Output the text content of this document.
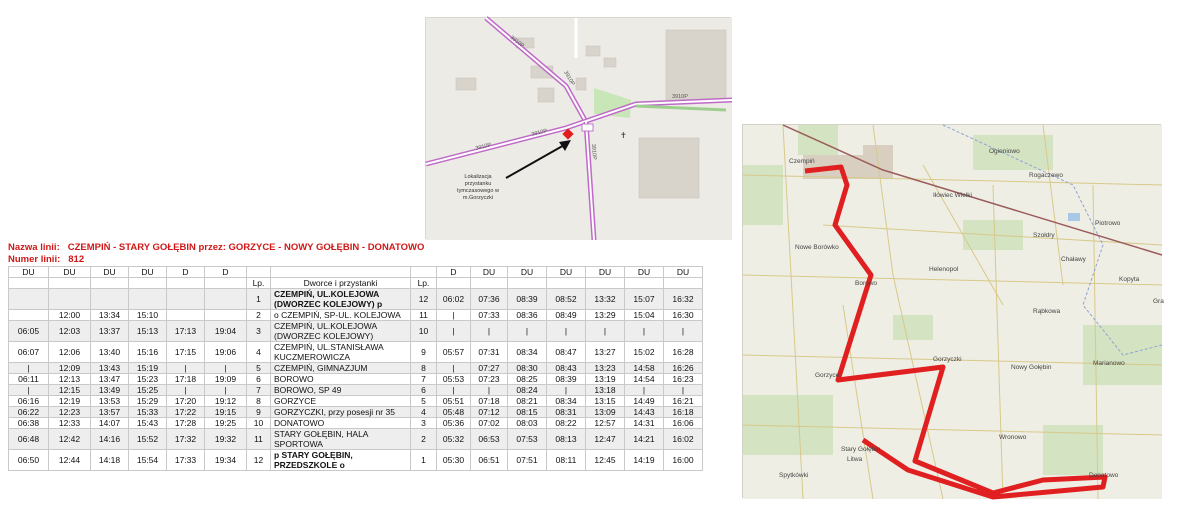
3910P
3910P
3910P
3910P
3910P
3910P
✝
Lokalizacja
przystanku
tymczasowego w
m.Gorzyczki
Czempiń
Ogieniowo
Iłówiec Wielki
Rogaczewo
Nowe Borówko
Szołdry
Piotrowo
Helenopol
Chaławy
Kopyta
Borowo
Rąbkowa
Gorzyczki
Nowy Gołębin
Marianowo
Gorzyce
Wronowo
Stary Gołębin
Spytkówki	Donatowo
Litwa
Gra
Nazwa linii: CZEMPIŃ - STARY GOŁĘBIN przez: GORZYCE - NOWY GOŁĘBIN - DONATOWO
Numer linii: 812
DU	DU	DU	DU	D	D				D	DU	DU	DU	DU	DU	DU
						Lp.	Dworce i przystanki	Lp.							
						1	CZEMPIŃ, UL.KOLEJOWA (DWORZEC KOLEJOWY) p	12	06:02	07:36	08:39	08:52	13:32	15:07	16:32
	12:00	13:34	15:10			2	o CZEMPIŃ, SP-UL. KOLEJOWA	11	|	07:33	08:36	08:49	13:29	15:04	16:30
06:05	12:03	13:37	15:13	17:13	19:04	3	CZEMPIŃ, UL.KOLEJOWA (DWORZEC KOLEJOWY)	10	|	|	|	|	|	|	|
06:07	12:06	13:40	15:16	17:15	19:06	4	CZEMPIŃ, UL.STANISŁAWA KUCZMEROWICZA	9	05:57	07:31	08:34	08:47	13:27	15:02	16:28
|	12:09	13:43	15:19	|	|	5	CZEMPIŃ, GIMNAZJUM	8	|	07:27	08:30	08:43	13:23	14:58	16:26
06:11	12:13	13:47	15:23	17:18	19:09	6	BOROWO	7	05:53	07:23	08:25	08:39	13:19	14:54	16:23
|	12:15	13:49	15:25	|	|	7	BOROWO, SP 49	6	|	|	08:24	|	13:18	|	|
06:16	12:19	13:53	15:29	17:20	19:12	8	GORZYCE	5	05:51	07:18	08:21	08:34	13:15	14:49	16:21
06:22	12:23	13:57	15:33	17:22	19:15	9	GORZYCZKI, przy posesji nr 35	4	05:48	07:12	08:15	08:31	13:09	14:43	16:18
06:38	12:33	14:07	15:43	17:28	19:25	10	DONATOWO	3	05:36	07:02	08:03	08:22	12:57	14:31	16:06
06:48	12:42	14:16	15:52	17:32	19:32	11	STARY GOŁĘBIN, HALA SPORTOWA	2	05:32	06:53	07:53	08:13	12:47	14:21	16:02
06:50	12:44	14:18	15:54	17:33	19:34	12	p STARY GOŁĘBIN, PRZEDSZKOLE o	1	05:30	06:51	07:51	08:11	12:45	14:19	16:00
